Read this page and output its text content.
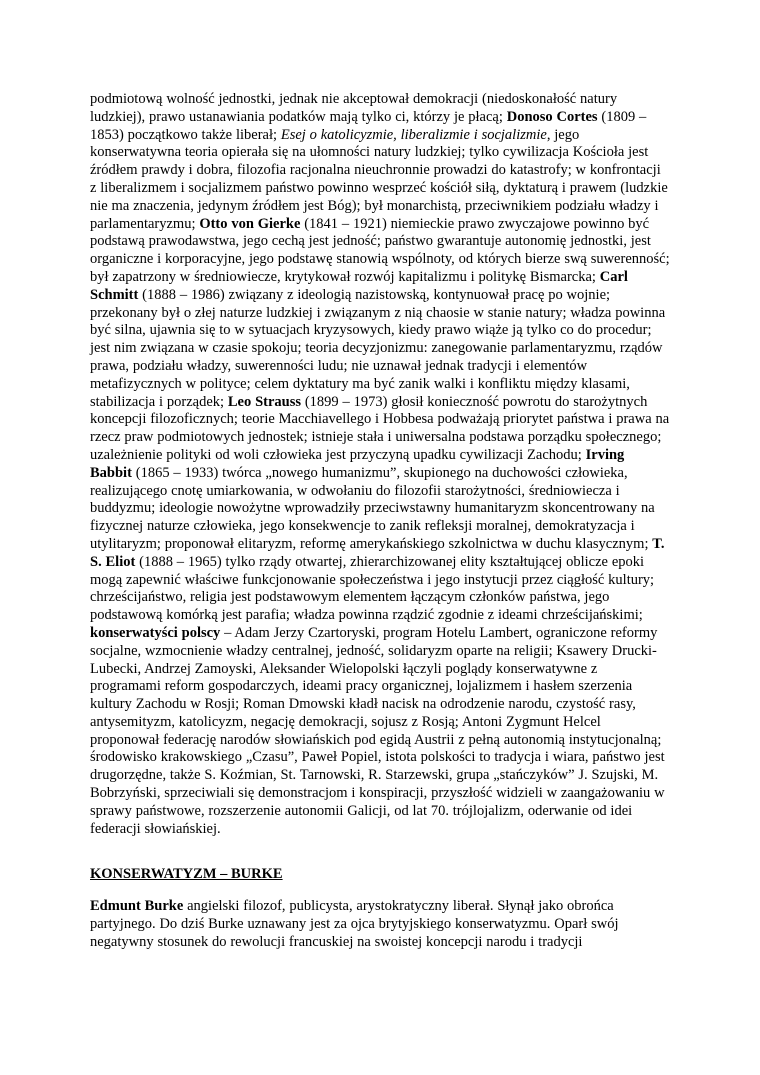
podmiotową wolność jednostki, jednak nie akceptował demokracji (niedoskonałość natury ludzkiej), prawo ustanawiania podatków mają tylko ci, którzy je płacą; Donoso Cortes (1809 – 1853) początkowo także liberał; Esej o katolicyzmie, liberalizmie i socjalizmie, jego konserwatywna teoria opierała się na ułomności natury ludzkiej; tylko cywilizacja Kościoła jest źródłem prawdy i dobra, filozofia racjonalna nieuchronnie prowadzi do katastrofy; w konfrontacji z liberalizmem i socjalizmem państwo powinno wesprzeć kościół siłą, dyktaturą i prawem (ludzkie nie ma znaczenia, jedynym źródłem jest Bóg); był monarchistą, przeciwnikiem podziału władzy i parlamentaryzmu; Otto von Gierke (1841 – 1921) niemieckie prawo zwyczajowe powinno być podstawą prawodawstwa, jego cechą jest jedność; państwo gwarantuje autonomię jednostki, jest organiczne i korporacyjne, jego podstawę stanowią wspólnoty, od których bierze swą suwerenność; był zapatrzony w średniowiecze, krytykował rozwój kapitalizmu i politykę Bismarcka; Carl Schmitt (1888 – 1986) związany z ideologią nazistowską, kontynuował pracę po wojnie; przekonany był o złej naturze ludzkiej i związanym z nią chaosie w stanie natury; władza powinna być silna, ujawnia się to w sytuacjach kryzysowych, kiedy prawo wiąże ją tylko co do procedur; jest nim związana w czasie spokoju; teoria decyzjonizmu: zanegowanie parlamentaryzmu, rządów prawa, podziału władzy, suwerenności ludu; nie uznawał jednak tradycji i elementów metafizycznych w polityce; celem dyktatury ma być zanik walki i konfliktu między klasami, stabilizacja i porządek; Leo Strauss (1899 – 1973) głosił konieczność powrotu do starożytnych koncepcji filozoficznych; teorie Macchiavellego i Hobbesa podważają priorytet państwa i prawa na rzecz praw podmiotowych jednostek; istnieje stała i uniwersalna podstawa porządku społecznego; uzależnienie polityki od woli człowieka jest przyczyną upadku cywilizacji Zachodu; Irving Babbit (1865 – 1933) twórca „nowego humanizmu”, skupionego na duchowości człowieka, realizującego cnotę umiarkowania, w odwołaniu do filozofii starożytności, średniowiecza i buddyzmu; ideologie nowożytne wprowadziły przeciwstawny humanitaryzm skoncentrowany na fizycznej naturze człowieka, jego konsekwencje to zanik refleksji moralnej, demokratyzacja i utylitaryzm; proponował elitaryzm, reformę amerykańskiego szkolnictwa w duchu klasycznym; T. S. Eliot (1888 – 1965) tylko rządy otwartej, zhierarchizowanej elity kształtującej oblicze epoki mogą zapewnić właściwe funkcjonowanie społeczeństwa i jego instytucji przez ciągłość kultury; chrześcijaństwo, religia jest podstawowym elementem łączącym członków państwa, jego podstawową komórką jest parafia; władza powinna rządzić zgodnie z ideami chrześcijańskimi; konserwatyści polscy – Adam Jerzy Czartoryski, program Hotelu Lambert, ograniczone reformy socjalne, wzmocnienie władzy centralnej, jedność, solidaryzm oparte na religii; Ksawery Drucki-Lubecki, Andrzej Zamoyski, Aleksander Wielopolski łączyli poglądy konserwatywne z programami reform gospodarczych, ideami pracy organicznej, lojalizmem i hasłem szerzenia kultury Zachodu w Rosji; Roman Dmowski kładł nacisk na odrodzenie narodu, czystość rasy, antysemityzm, katolicyzm, negację demokracji, sojusz z Rosją; Antoni Zygmunt Helcel proponował federację narodów słowiańskich pod egidą Austrii z pełną autonomią instytucjonalną; środowisko krakowskiego „Czasu”, Paweł Popiel, istota polskości to tradycja i wiara, państwo jest drugorzędne, także S. Koźmian, St. Tarnowski, R. Starzewski, grupa „stańczyków” J. Szujski, M. Bobrzyński, sprzeciwiali się demonstracjom i konspiracji, przyszłość widzieli w zaangażowaniu w sprawy państwowe, rozszerzenie autonomii Galicji, od lat 70. trójlojalizm, oderwanie od idei federacji słowiańskiej.

KONSERWATYZM – BURKE

Edmunt Burke angielski filozof, publicysta, arystokratyczny liberał. Słynął jako obrońca partyjnego. Do dziś Burke uznawany jest za ojca brytyjskiego konserwatyzmu. Oparł swój negatywny stosunek do rewolucji francuskiej na swoistej koncepcji narodu i tradycji
